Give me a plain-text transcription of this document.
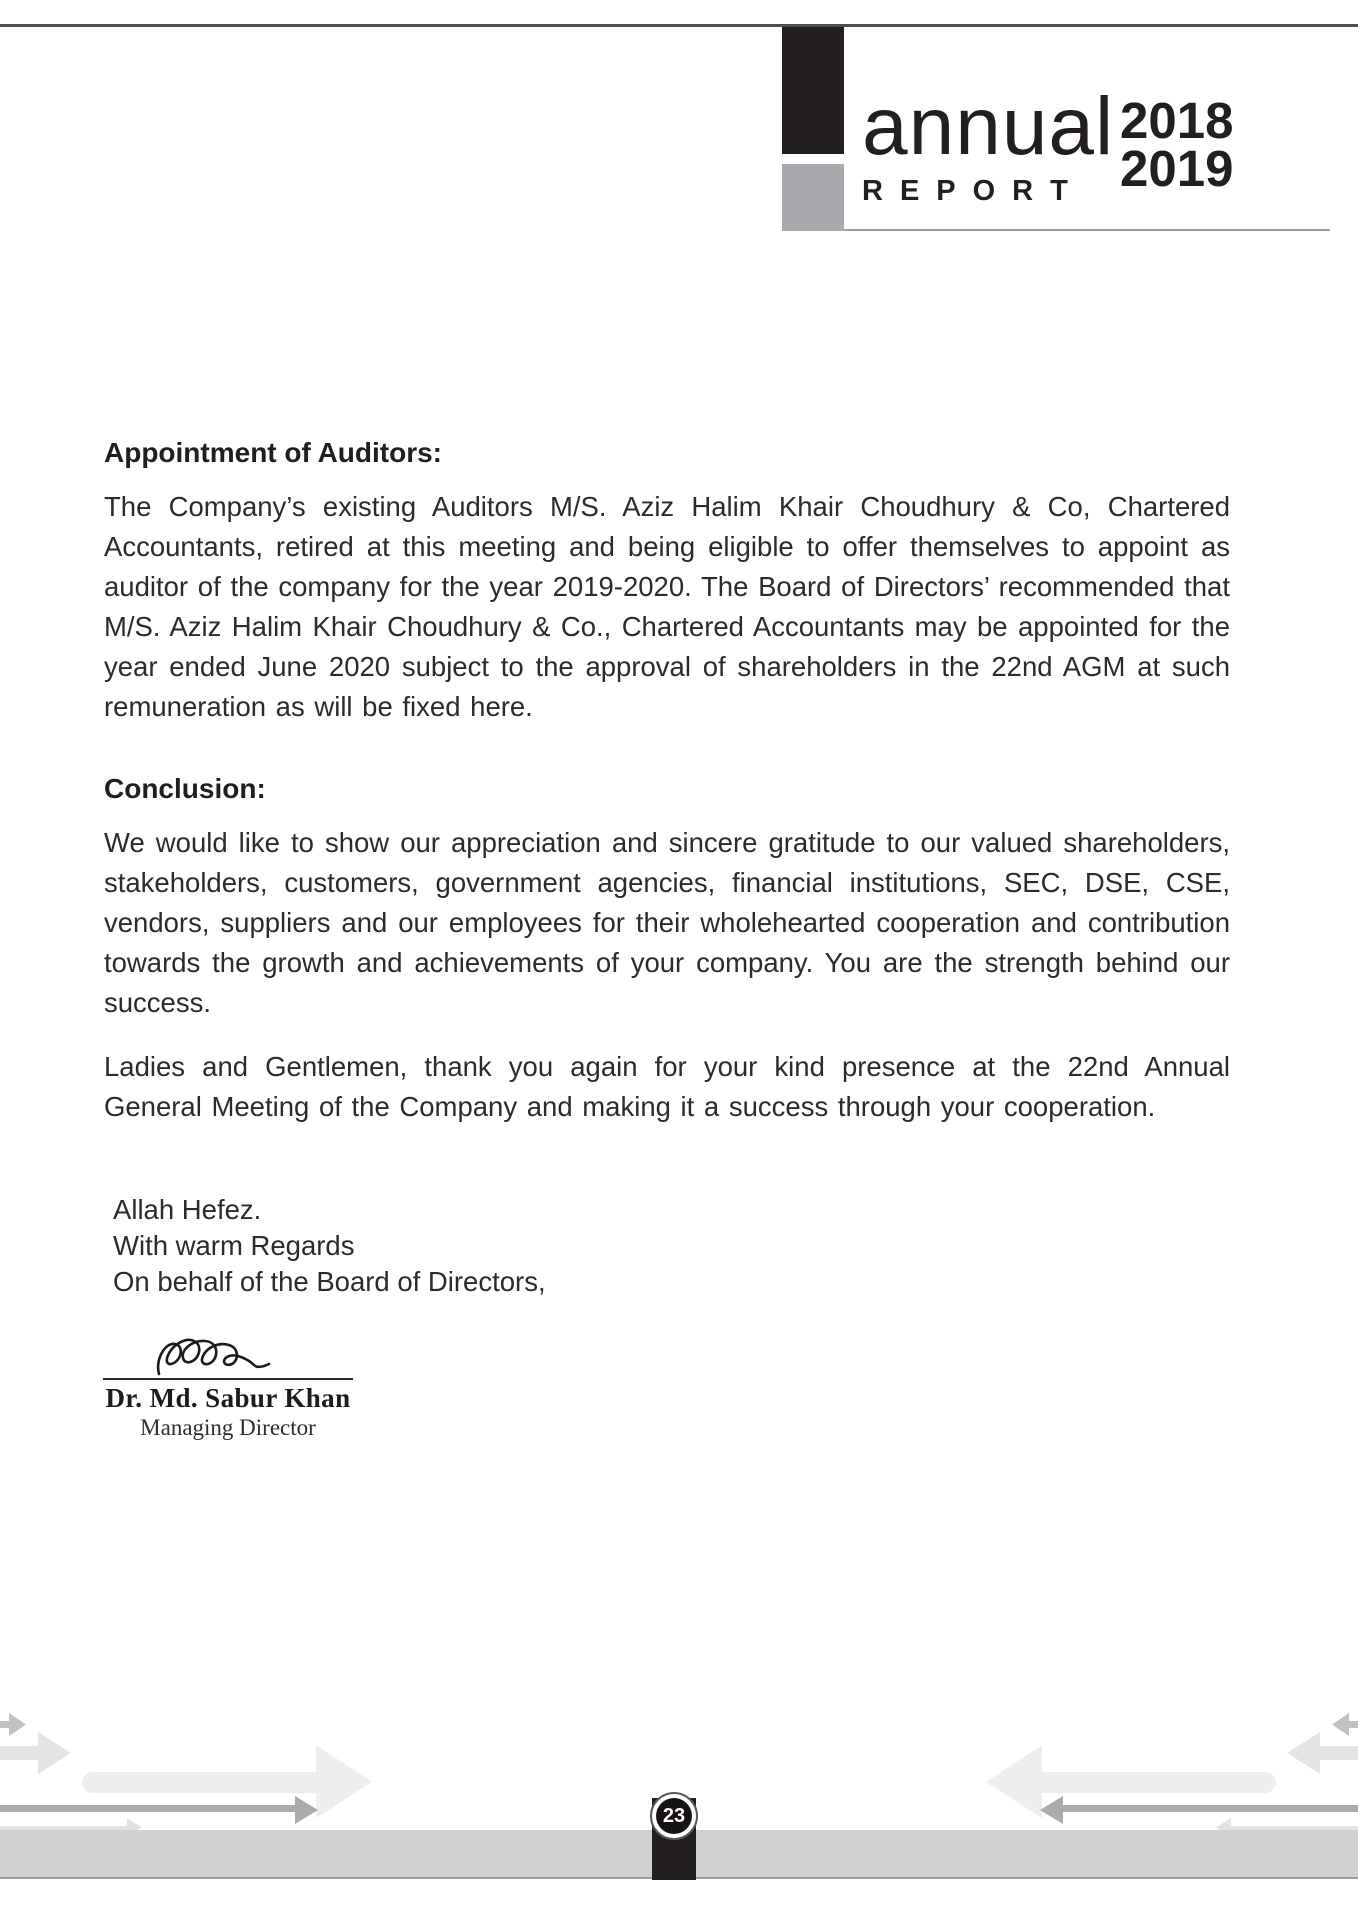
annual
REPORT
2018
2019
Appointment of Auditors:

The Company’s existing Auditors M/S. Aziz Halim Khair Choudhury & Co, Chartered Accountants, retired at this meeting and being eligible to offer themselves to appoint as auditor of the company for the year 2019-2020. The Board of Directors’ recommended that M/S. Aziz Halim Khair Choudhury & Co., Chartered Accountants may be appointed for the year ended June 2020 subject to the approval of shareholders in the 22nd AGM at such remuneration as will be fixed here.

Conclusion:

We would like to show our appreciation and sincere gratitude to our valued shareholders, stakeholders, customers, government agencies, financial institutions, SEC, DSE, CSE, vendors, suppliers and our employees for their wholehearted cooperation and contribution towards the growth and achievements of your company. You are the strength behind our success.

Ladies and Gentlemen, thank you again for your kind presence at the 22nd Annual General Meeting of the Company and making it a success through your cooperation.

Allah Hefez.
With warm Regards
On behalf of the Board of Directors,
Dr. Md. Sabur Khan
Managing Director
23
